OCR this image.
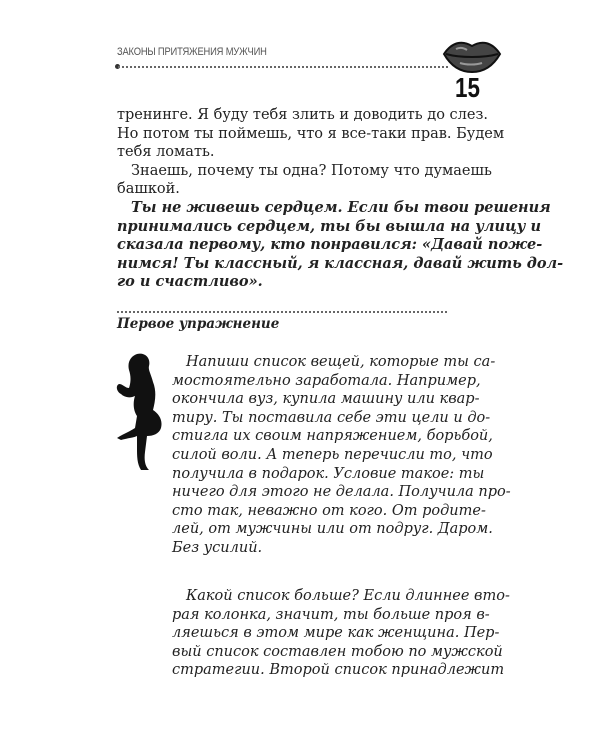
ЗАКОНЫ ПРИТЯЖЕНИЯ МУЖЧИН
15
тренинге. Я буду тебя злить и доводить до слез.
Но потом ты поймешь, что я все-таки прав. Будем
тебя ломать.
Знаешь, почему ты одна? Потому что думаешь
башкой.
Ты не живешь сердцем. Если бы твои решения
принимались сердцем, ты бы вышла на улицу и
сказала первому, кто понравился: «Давай поже-
нимся! Ты классный, я классная, давай жить дол-
го и счастливо».
Первое упражнение
Напиши список вещей, которые ты са-
мостоятельно заработала. Например,
окончила вуз, купила машину или квар-
тиру. Ты поставила себе эти цели и до-
стигла их своим напряжением, борьбой,
силой воли. А теперь перечисли то, что
получила в подарок. Условие такое: ты
ничего для этого не делала. Получила про-
сто так, неважно от кого. От родите-
лей, от мужчины или от подруг. Даром.
Без усилий.
Какой список больше? Если длиннее вто-
рая колонка, значит, ты больше проя в-
ляешься в этом мире как женщина. Пер-
вый список составлен тобою по мужской
стратегии. Второй список принадлежит
